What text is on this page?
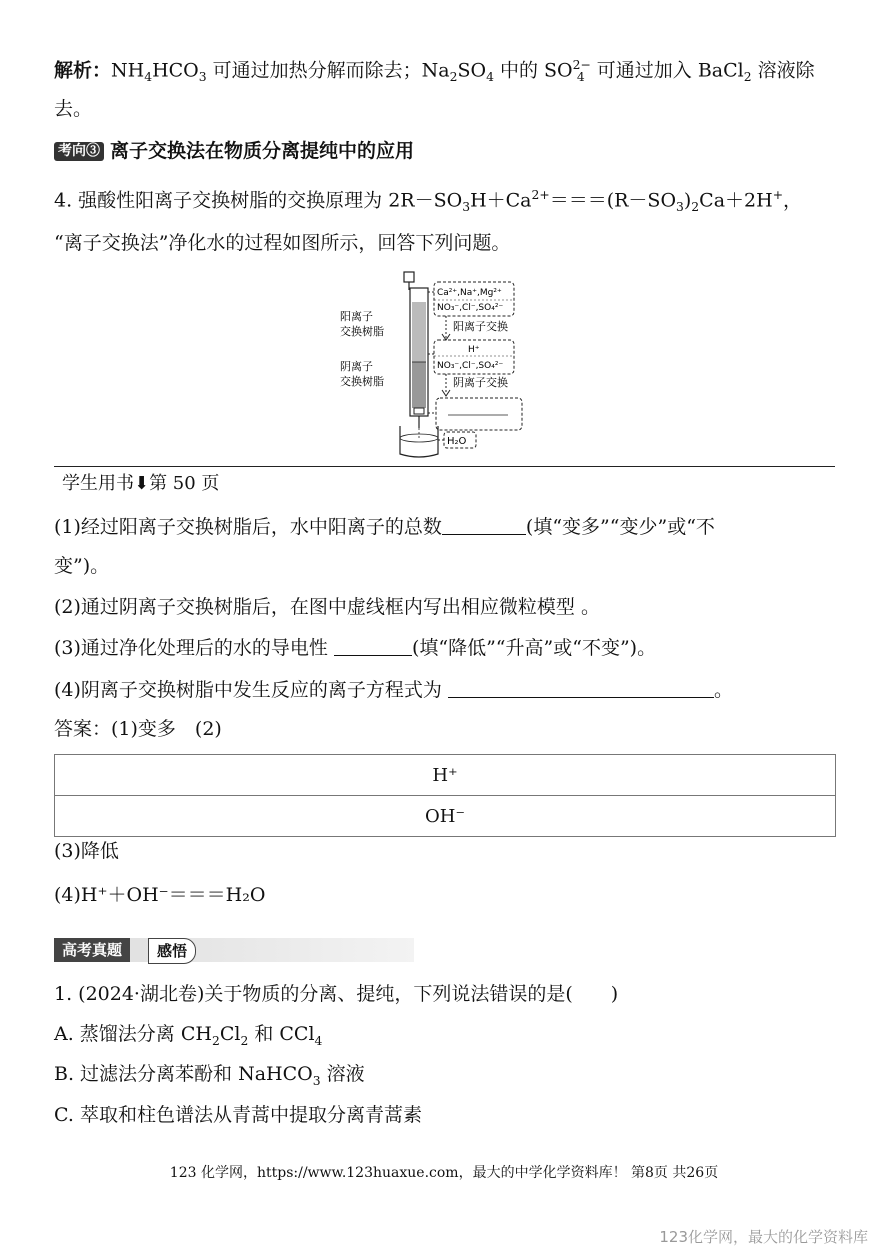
解析：$NH_4HCO_3$ 可通过加热分解而除去；$Na_2SO_4$ 中的 $SO^{2-}_4$ 可通过加入 BaCl$_2$ 溶液除
去。
考向③ 离子交换法在物质分离提纯中的应用
4. 强酸性阳离子交换树脂的交换原理为 $2R-SO_3H+Ca^{2+}===(R-SO_3)_2Ca+2H^+$，
“离子交换法”净化水的过程如图所示，回答下列问题。
阳离子
交换树脂
阴离子
交换树脂
Ca²⁺,Na⁺,Mg²⁺
NO₃⁻,Cl⁻,SO₄²⁻
阳离子交换
H⁺
NO₃⁻,Cl⁻,SO₄²⁻
阴离子交换
H₂O
学生用书⬇第 50 页
(1)经过阳离子交换树脂后，水中阳离子的总数	(填“变多”“变少”或“不
变”)。
(2)通过阴离子交换树脂后，在图中虚线框内写出相应微粒模型 。
(3)通过净化处理后的水的导电性	(填“降低”“升高”或“不变”)。
(4)阴离子交换树脂中发生反应的离子方程式为	。
答案：(1)变多　(2)
H⁺
OH⁻
(3)降低
(4)H⁺＋OH⁻＝＝＝H₂O
高考真题	感悟
1. (2024·湖北卷)关于物质的分离、提纯，下列说法错误的是(　　)
A. 蒸馏法分离 $CH_2Cl_2$ 和 CCl$_4$
B. 过滤法分离苯酚和 NaHCO$_3$ 溶液
C. 萃取和柱色谱法从青蒿中提取分离青蒿素
123 化学网，https://www.123huaxue.com，最大的中学化学资料库！ 第8页 共26页
123化学网，最大的化学资料库
